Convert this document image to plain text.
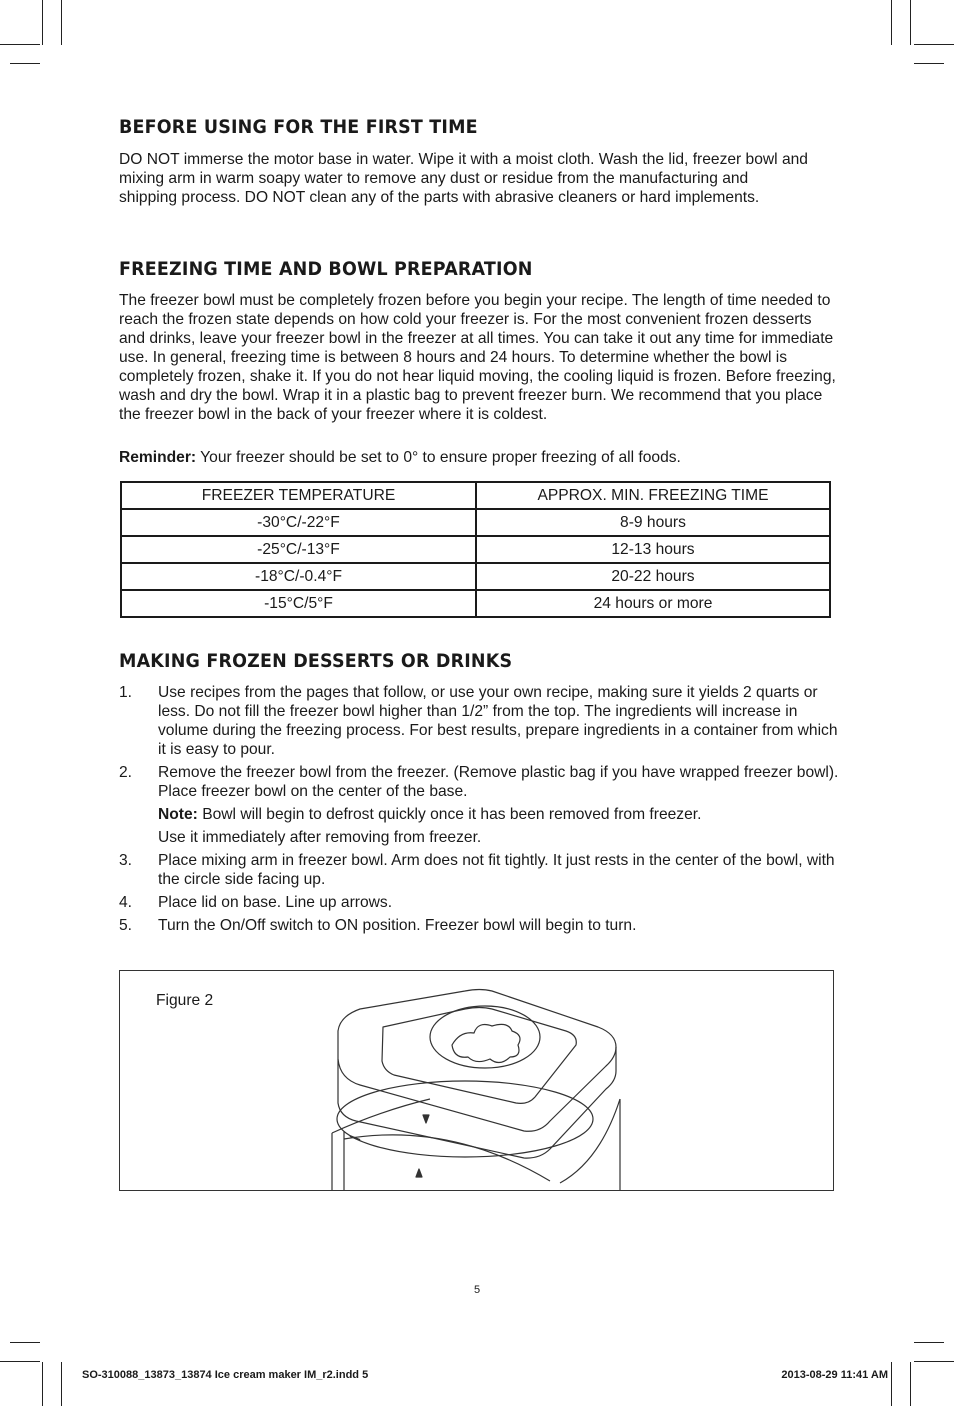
BEFORE USING FOR THE FIRST TIME

DO NOT immerse the motor base in water. Wipe it with a moist cloth. Wash the lid, freezer bowl and mixing arm in warm soapy water to remove any dust or residue from the manufacturing and shipping process. DO NOT clean any of the parts with abrasive cleaners or hard implements.

FREEZING TIME AND BOWL PREPARATION

The freezer bowl must be completely frozen before you begin your recipe. The length of time needed to reach the frozen state depends on how cold your freezer is. For the most convenient frozen desserts and drinks, leave your freezer bowl in the freezer at all times. You can take it out any time for immediate use. In general, freezing time is between 8 hours and 24 hours. To determine whether the bowl is completely frozen, shake it. If you do not hear liquid moving, the cooling liquid is frozen. Before freezing, wash and dry the bowl. Wrap it in a plastic bag to prevent freezer burn. We recommend that you place the freezer bowl in the back of your freezer where it is coldest.

Reminder: Your freezer should be set to 0° to ensure proper freezing of all foods.

FREEZER TEMPERATURE	APPROX. MIN. FREEZING TIME
-30°C/-22°F	8-9 hours
-25°C/-13°F	12-13 hours
-18°C/-0.4°F	20-22 hours
-15°C/5°F	24 hours or more
MAKING FROZEN DESSERTS OR DRINKS
1. Use recipes from the pages that follow, or use your own recipe, making sure it yields 2 quarts or less. Do not fill the freezer bowl higher than 1/2” from the top. The ingredients will increase in volume during the freezing process. For best results, prepare ingredients in a container from which it is easy to pour.
2. Remove the freezer bowl from the freezer. (Remove plastic bag if you have wrapped freezer bowl). Place freezer bowl on the center of the base.
Note: Bowl will begin to defrost quickly once it has been removed from freezer.
Use it immediately after removing from freezer.
3. Place mixing arm in freezer bowl. Arm does not fit tightly. It just rests in the center of the bowl, with the circle side facing up.
4. Place lid on base. Line up arrows.
5. Turn the On/Off switch to ON position. Freezer bowl will begin to turn.
Figure 2
5
SO-310088_13873_13874 Ice cream maker IM_r2.indd 5	2013-08-29 11:41 AM
